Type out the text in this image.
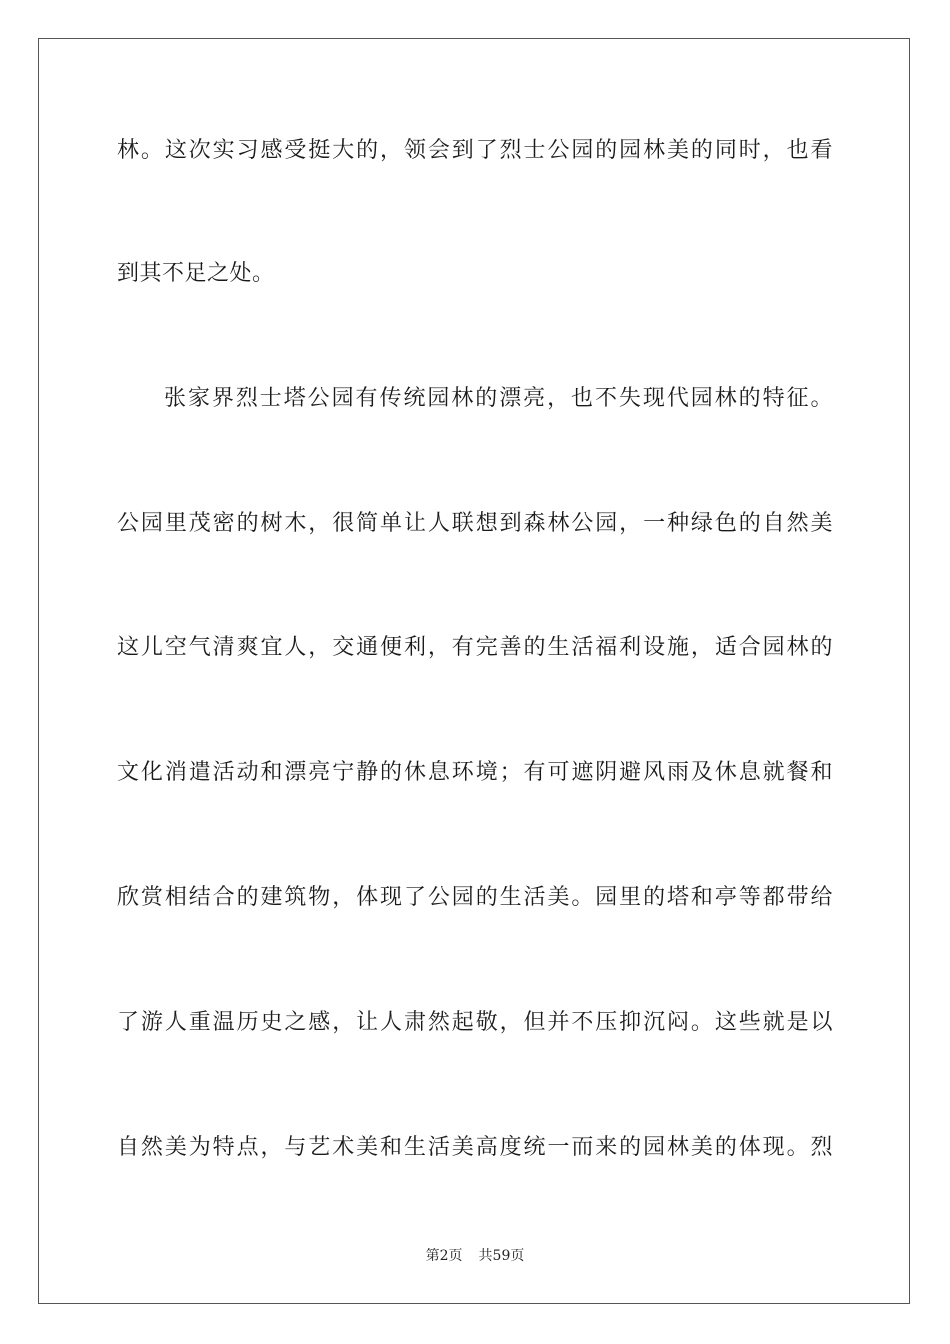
林。这次实习感受挺大的，领会到了烈士公园的园林美的同时，也看
到其不足之处。
张家界烈士塔公园有传统园林的漂亮，也不失现代园林的特征。
公园里茂密的树木，很简单让人联想到森林公园，一种绿色的自然美
这儿空气清爽宜人，交通便利，有完善的生活福利设施，适合园林的
文化消遣活动和漂亮宁静的休息环境；有可遮阴避风雨及休息就餐和
欣赏相结合的建筑物，体现了公园的生活美。园里的塔和亭等都带给
了游人重温历史之感，让人肃然起敬，但并不压抑沉闷。这些就是以
自然美为特点，与艺术美和生活美高度统一而来的园林美的体现。烈
第2页 共59页
